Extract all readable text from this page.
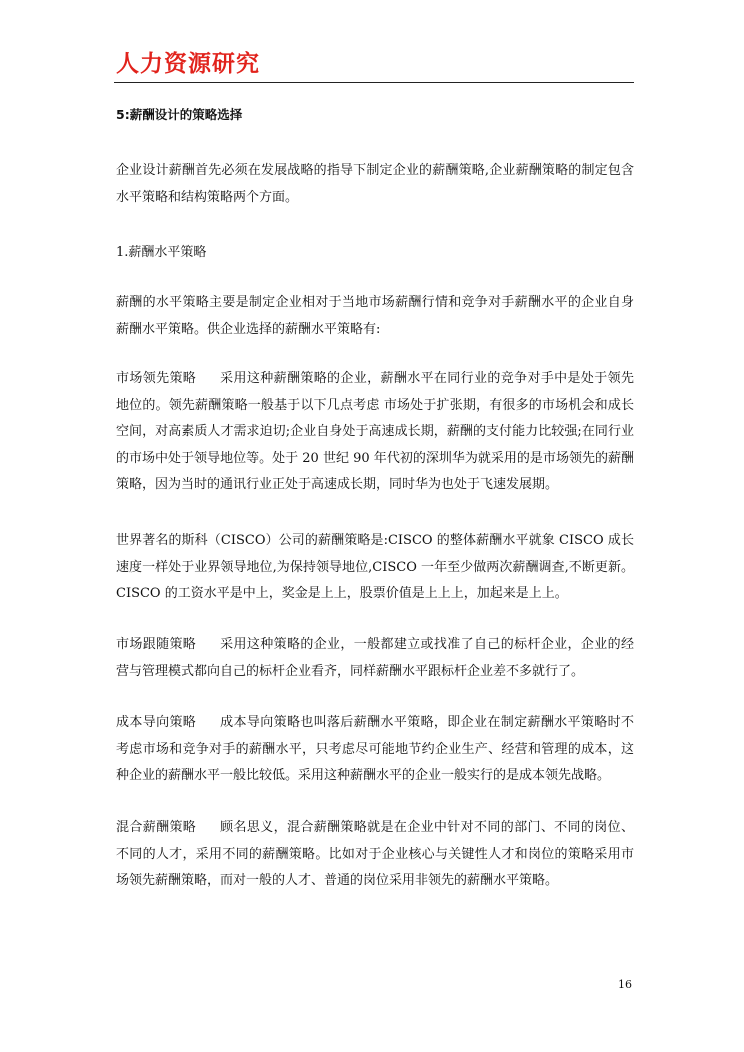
人力资源研究
5:薪酬设计的策略选择

企业设计薪酬首先必须在发展战略的指导下制定企业的薪酬策略,企业薪酬策略的制定包含水平策略和结构策略两个方面。

1.薪酬水平策略

薪酬的水平策略主要是制定企业相对于当地市场薪酬行情和竞争对手薪酬水平的企业自身薪酬水平策略。供企业选择的薪酬水平策略有:

市场领先策略 采用这种薪酬策略的企业，薪酬水平在同行业的竞争对手中是处于领先地位的。领先薪酬策略一般基于以下几点考虑 市场处于扩张期，有很多的市场机会和成长空间，对高素质人才需求迫切;企业自身处于高速成长期，薪酬的支付能力比较强;在同行业的市场中处于领导地位等。处于 20 世纪 90 年代初的深圳华为就采用的是市场领先的薪酬策略，因为当时的通讯行业正处于高速成长期，同时华为也处于飞速发展期。

世界著名的斯科（CISCO）公司的薪酬策略是:CISCO 的整体薪酬水平就象 CISCO 成长速度一样处于业界领导地位,为保持领导地位,CISCO 一年至少做两次薪酬调查,不断更新。CISCO 的工资水平是中上，奖金是上上，股票价值是上上上，加起来是上上。

市场跟随策略 采用这种策略的企业，一般都建立或找准了自己的标杆企业，企业的经营与管理模式都向自己的标杆企业看齐，同样薪酬水平跟标杆企业差不多就行了。

成本导向策略 成本导向策略也叫落后薪酬水平策略，即企业在制定薪酬水平策略时不考虑市场和竞争对手的薪酬水平，只考虑尽可能地节约企业生产、经营和管理的成本，这种企业的薪酬水平一般比较低。采用这种薪酬水平的企业一般实行的是成本领先战略。

混合薪酬策略 顾名思义，混合薪酬策略就是在企业中针对不同的部门、不同的岗位、不同的人才，采用不同的薪酬策略。比如对于企业核心与关键性人才和岗位的策略采用市场领先薪酬策略，而对一般的人才、普通的岗位采用非领先的薪酬水平策略。

16
